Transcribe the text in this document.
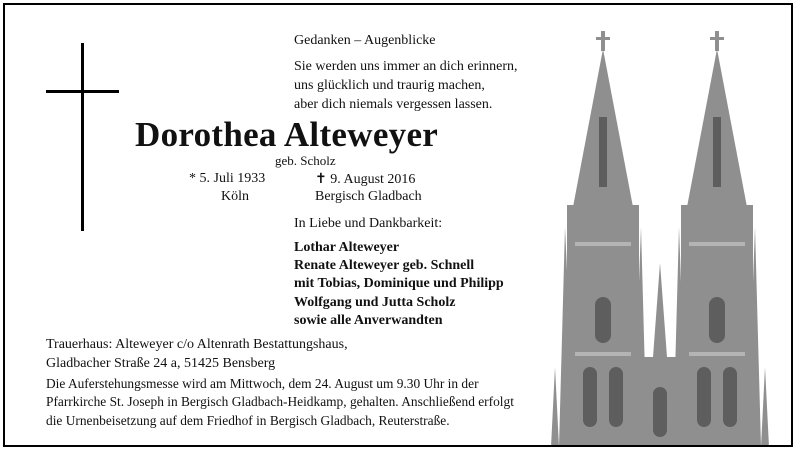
Gedanken – Augenblicke
Sie werden uns immer an dich erinnern,
uns glücklich und traurig machen,
aber dich niemals vergessen lassen.
Dorothea Alteweyer
geb. Scholz
* 5. Juli 1933	✝ 9. August 2016
Köln	Bergisch Gladbach
In Liebe und Dankbarkeit:
Lothar Alteweyer
Renate Alteweyer geb. Schnell
mit Tobias, Dominique und Philipp
Wolfgang und Jutta Scholz
sowie alle Anverwandten
Trauerhaus: Alteweyer c/o Altenrath Bestattungshaus,
Gladbacher Straße 24 a, 51425 Bensberg
Die Auferstehungsmesse wird am Mittwoch, dem 24. August um 9.30 Uhr in der Pfarrkirche St. Joseph in Bergisch Gladbach-Heidkamp, gehalten. Anschließend erfolgt die Urnenbeisetzung auf dem Friedhof in Bergisch Gladbach, Reuterstraße.
